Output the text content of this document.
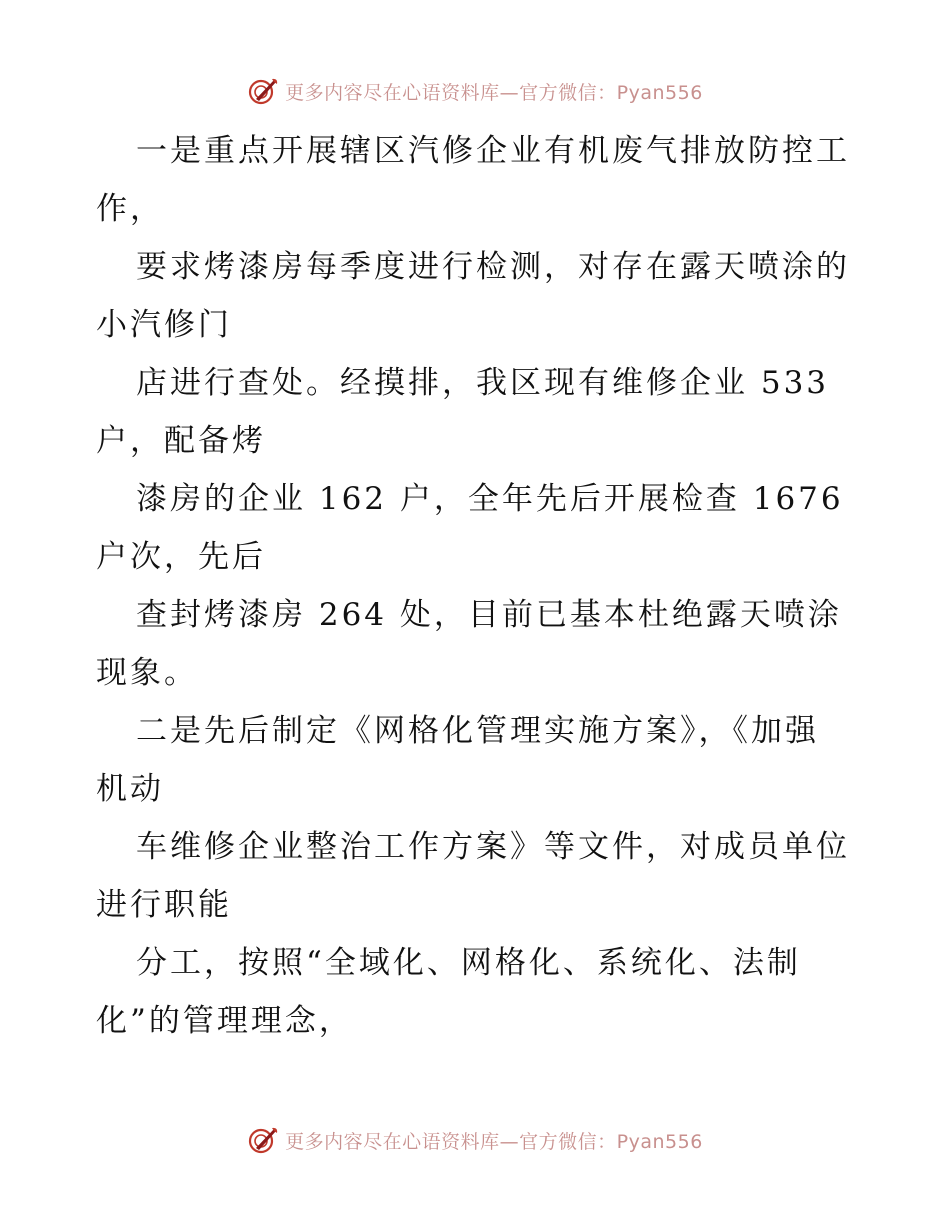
更多内容尽在心语资料库—官方微信：Pyan556
一是重点开展辖区汽修企业有机废气排放防控工
作，
要求烤漆房每季度进行检测，对存在露天喷涂的
小汽修门
店进行查处。经摸排，我区现有维修企业 533
户，配备烤
漆房的企业 162 户，全年先后开展检查 1676
户次，先后
查封烤漆房 264 处，目前已基本杜绝露天喷涂
现象。
二是先后制定《网格化管理实施方案》，《加强
机动
车维修企业整治工作方案》等文件，对成员单位
进行职能
分工，按照“全域化、网格化、系统化、法制
化”的管理理念，
更多内容尽在心语资料库—官方微信：Pyan556
